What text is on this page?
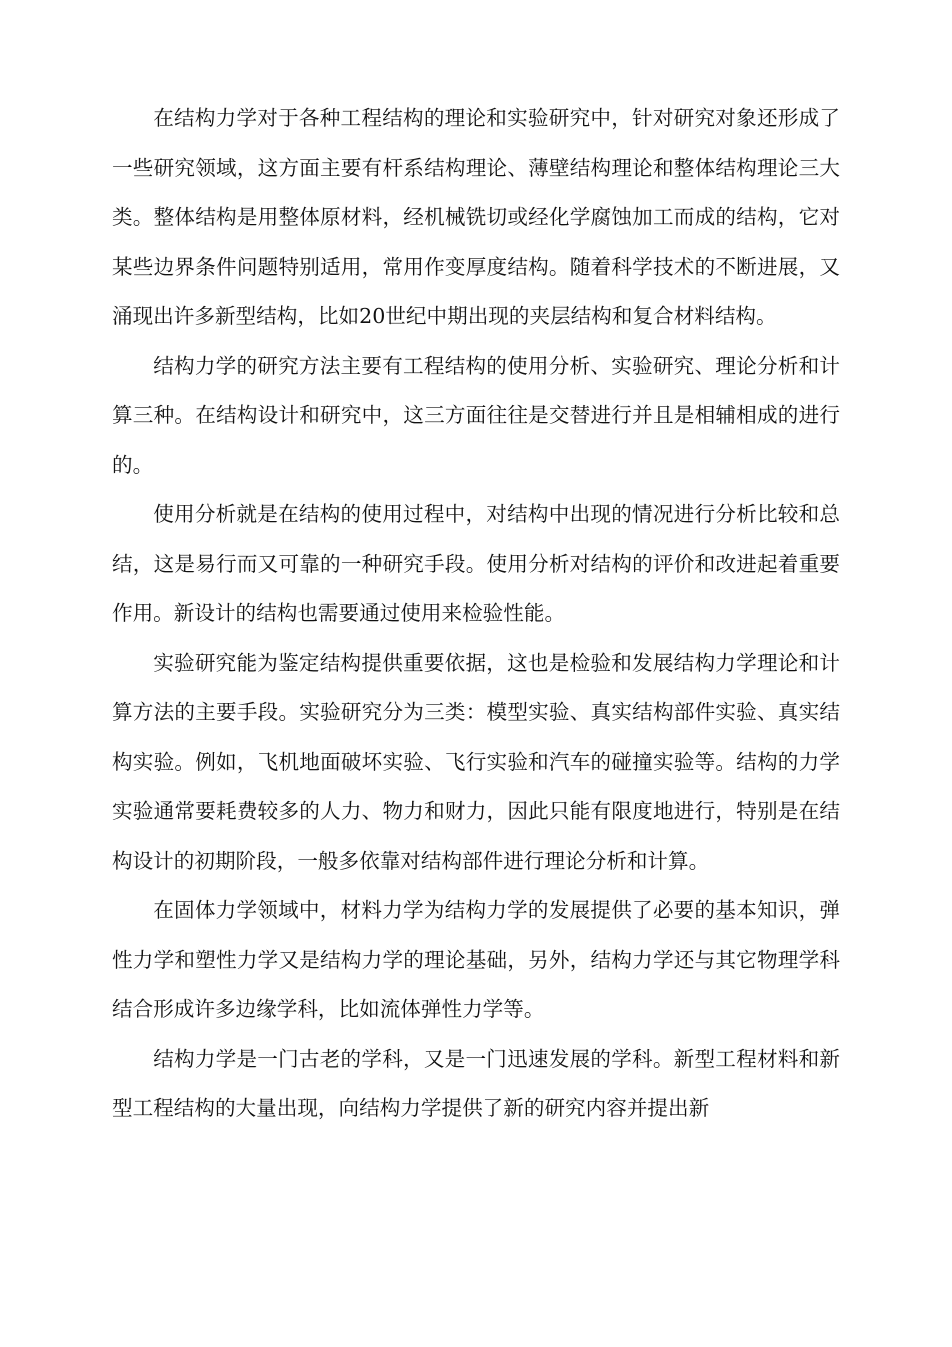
在结构力学对于各种工程结构的理论和实验研究中，针对研究对象还形成了一些研究领域，这方面主要有杆系结构理论、薄壁结构理论和整体结构理论三大类。整体结构是用整体原材料，经机械铣切或经化学腐蚀加工而成的结构，它对某些边界条件问题特别适用，常用作变厚度结构。随着科学技术的不断进展，又涌现出许多新型结构，比如20世纪中期出现的夹层结构和复合材料结构。

结构力学的研究方法主要有工程结构的使用分析、实验研究、理论分析和计算三种。在结构设计和研究中，这三方面往往是交替进行并且是相辅相成的进行的。

使用分析就是在结构的使用过程中，对结构中出现的情况进行分析比较和总结，这是易行而又可靠的一种研究手段。使用分析对结构的评价和改进起着重要作用。新设计的结构也需要通过使用来检验性能。

实验研究能为鉴定结构提供重要依据，这也是检验和发展结构力学理论和计算方法的主要手段。实验研究分为三类：模型实验、真实结构部件实验、真实结构实验。例如，飞机地面破坏实验、飞行实验和汽车的碰撞实验等。结构的力学实验通常要耗费较多的人力、物力和财力，因此只能有限度地进行，特别是在结构设计的初期阶段，一般多依靠对结构部件进行理论分析和计算。

在固体力学领域中，材料力学为结构力学的发展提供了必要的基本知识，弹性力学和塑性力学又是结构力学的理论基础，另外，结构力学还与其它物理学科结合形成许多边缘学科，比如流体弹性力学等。

结构力学是一门古老的学科，又是一门迅速发展的学科。新型工程材料和新型工程结构的大量出现，向结构力学提供了新的研究内容并提出新
